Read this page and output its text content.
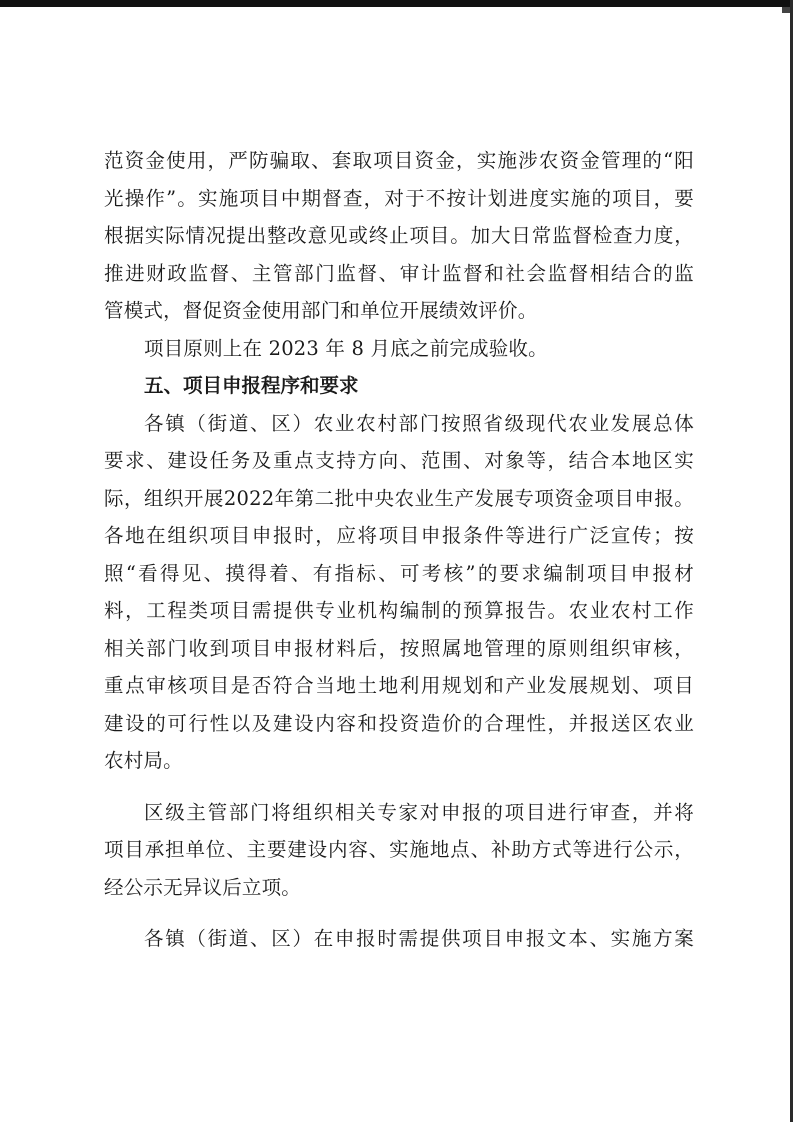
范资金使用，严防骗取、套取项目资金，实施涉农资金管理的“阳
光操作”。实施项目中期督查，对于不按计划进度实施的项目，要
根据实际情况提出整改意见或终止项目。加大日常监督检查力度，
推进财政监督、主管部门监督、审计监督和社会监督相结合的监
管模式，督促资金使用部门和单位开展绩效评价。
项目原则上在 2023 年 8 月底之前完成验收。
五、项目申报程序和要求
各镇（街道、区）农业农村部门按照省级现代农业发展总体
要求、建设任务及重点支持方向、范围、对象等，结合本地区实
际，组织开展2022年第二批中央农业生产发展专项资金项目申报。
各地在组织项目申报时，应将项目申报条件等进行广泛宣传；按
照“看得见、摸得着、有指标、可考核”的要求编制项目申报材
料，工程类项目需提供专业机构编制的预算报告。农业农村工作
相关部门收到项目申报材料后，按照属地管理的原则组织审核，
重点审核项目是否符合当地土地利用规划和产业发展规划、项目
建设的可行性以及建设内容和投资造价的合理性，并报送区农业
农村局。
区级主管部门将组织相关专家对申报的项目进行审查，并将
项目承担单位、主要建设内容、实施地点、补助方式等进行公示，
经公示无异议后立项。
各镇（街道、区）在申报时需提供项目申报文本、实施方案
